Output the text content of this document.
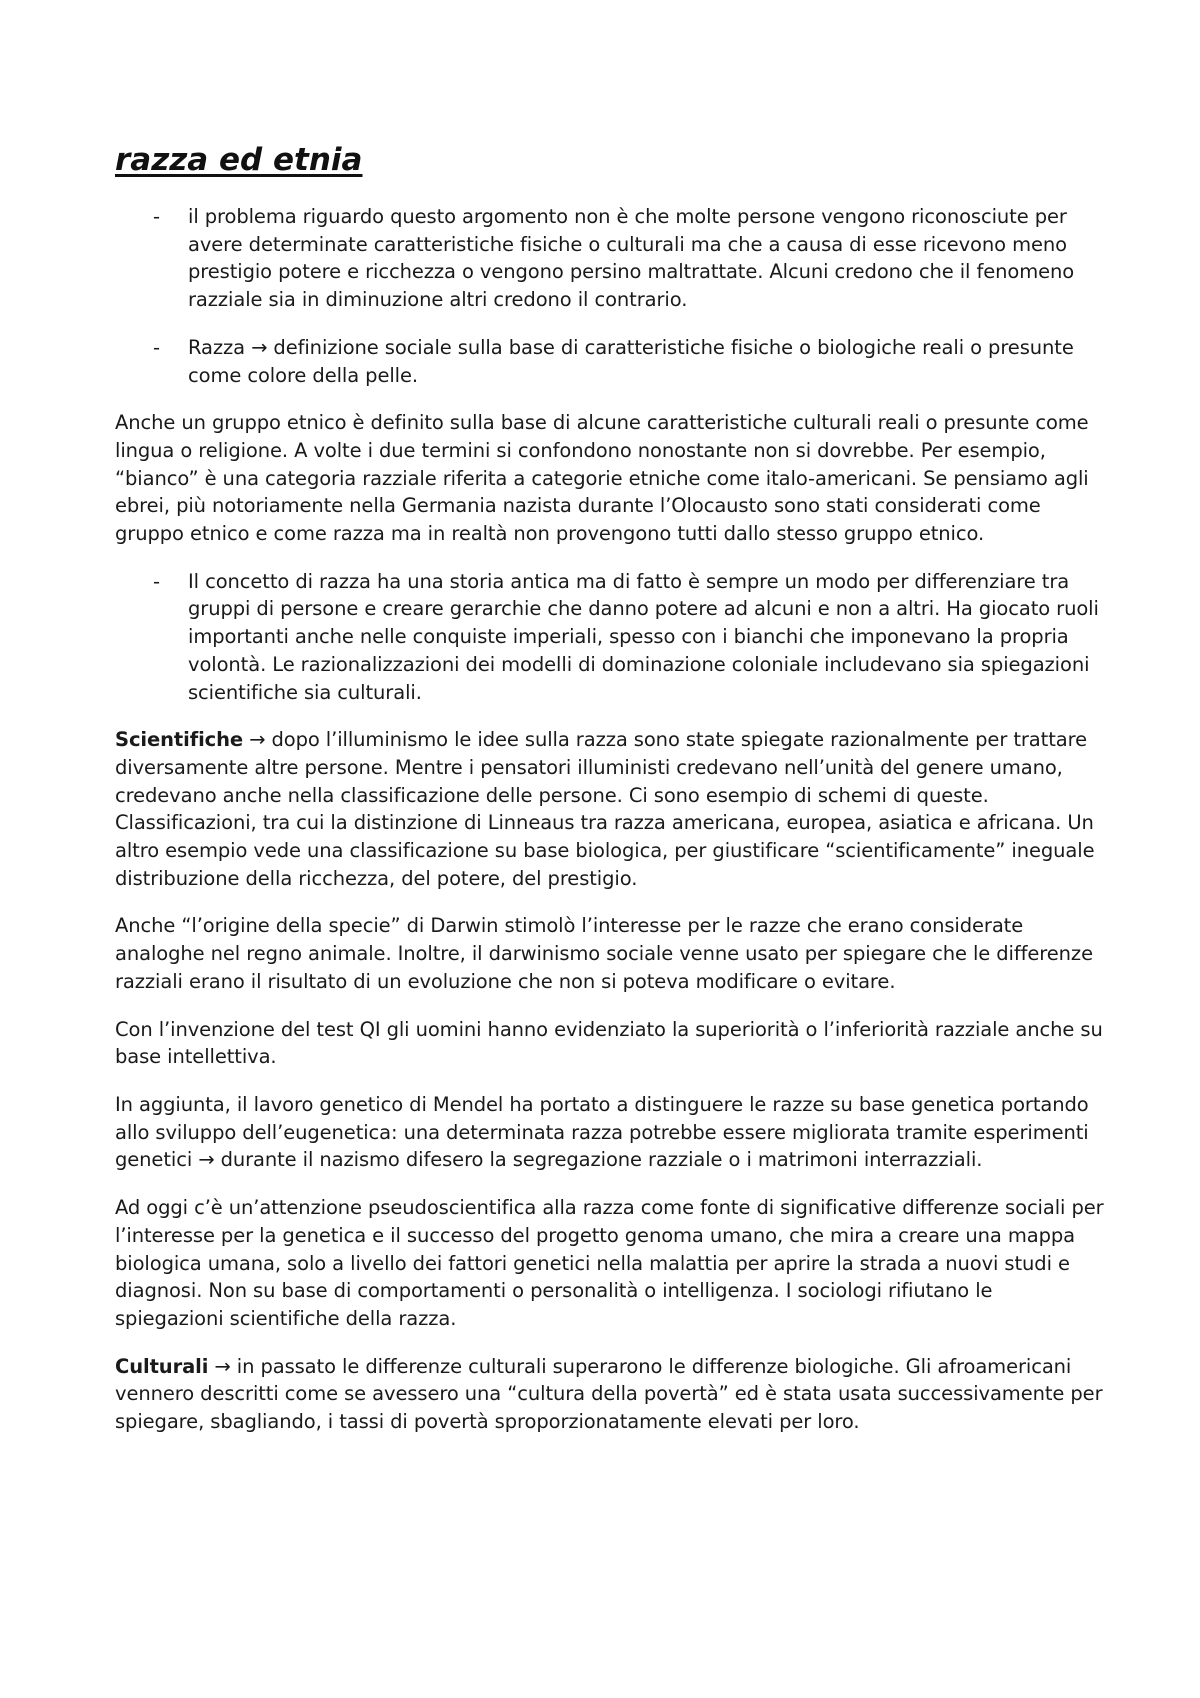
razza ed etnia
- il problema riguardo questo argomento non è che molte persone vengono riconosciute per avere determinate caratteristiche fisiche o culturali ma che a causa di esse ricevono meno prestigio potere e ricchezza o vengono persino maltrattate. Alcuni credono che il fenomeno razziale sia in diminuzione altri credono il contrario.
- Razza → definizione sociale sulla base di caratteristiche fisiche o biologiche reali o presunte come colore della pelle.

Anche un gruppo etnico è definito sulla base di alcune caratteristiche culturali reali o presunte come lingua o religione. A volte i due termini si confondono nonostante non si dovrebbe. Per esempio, “bianco” è una categoria razziale riferita a categorie etniche come italo-americani. Se pensiamo agli ebrei, più notoriamente nella Germania nazista durante l’Olocausto sono stati considerati come gruppo etnico e come razza ma in realtà non provengono tutti dallo stesso gruppo etnico.

- Il concetto di razza ha una storia antica ma di fatto è sempre un modo per differenziare tra gruppi di persone e creare gerarchie che danno potere ad alcuni e non a altri. Ha giocato ruoli importanti anche nelle conquiste imperiali, spesso con i bianchi che imponevano la propria volontà. Le razionalizzazioni dei modelli di dominazione coloniale includevano sia spiegazioni scientifiche sia culturali.

Scientifiche → dopo l’illuminismo le idee sulla razza sono state spiegate razionalmente per trattare diversamente altre persone. Mentre i pensatori illuministi credevano nell’unità del genere umano, credevano anche nella classificazione delle persone. Ci sono esempio di schemi di queste. Classificazioni, tra cui la distinzione di Linneaus tra razza americana, europea, asiatica e africana. Un altro esempio vede una classificazione su base biologica, per giustificare “scientificamente” ineguale distribuzione della ricchezza, del potere, del prestigio.

Anche “l’origine della specie” di Darwin stimolò l’interesse per le razze che erano considerate analoghe nel regno animale. Inoltre, il darwinismo sociale venne usato per spiegare che le differenze razziali erano il risultato di un evoluzione che non si poteva modificare o evitare.

Con l’invenzione del test QI gli uomini hanno evidenziato la superiorità o l’inferiorità razziale anche su base intellettiva.

In aggiunta, il lavoro genetico di Mendel ha portato a distinguere le razze su base genetica portando allo sviluppo dell’eugenetica: una determinata razza potrebbe essere migliorata tramite esperimenti genetici → durante il nazismo difesero la segregazione razziale o i matrimoni interrazziali.

Ad oggi c’è un’attenzione pseudoscientifica alla razza come fonte di significative differenze sociali per l’interesse per la genetica e il successo del progetto genoma umano, che mira a creare una mappa biologica umana, solo a livello dei fattori genetici nella malattia per aprire la strada a nuovi studi e diagnosi. Non su base di comportamenti o personalità o intelligenza. I sociologi rifiutano le spiegazioni scientifiche della razza.

Culturali → in passato le differenze culturali superarono le differenze biologiche. Gli afroamericani vennero descritti come se avessero una “cultura della povertà” ed è stata usata successivamente per spiegare, sbagliando, i tassi di povertà sproporzionatamente elevati per loro.
